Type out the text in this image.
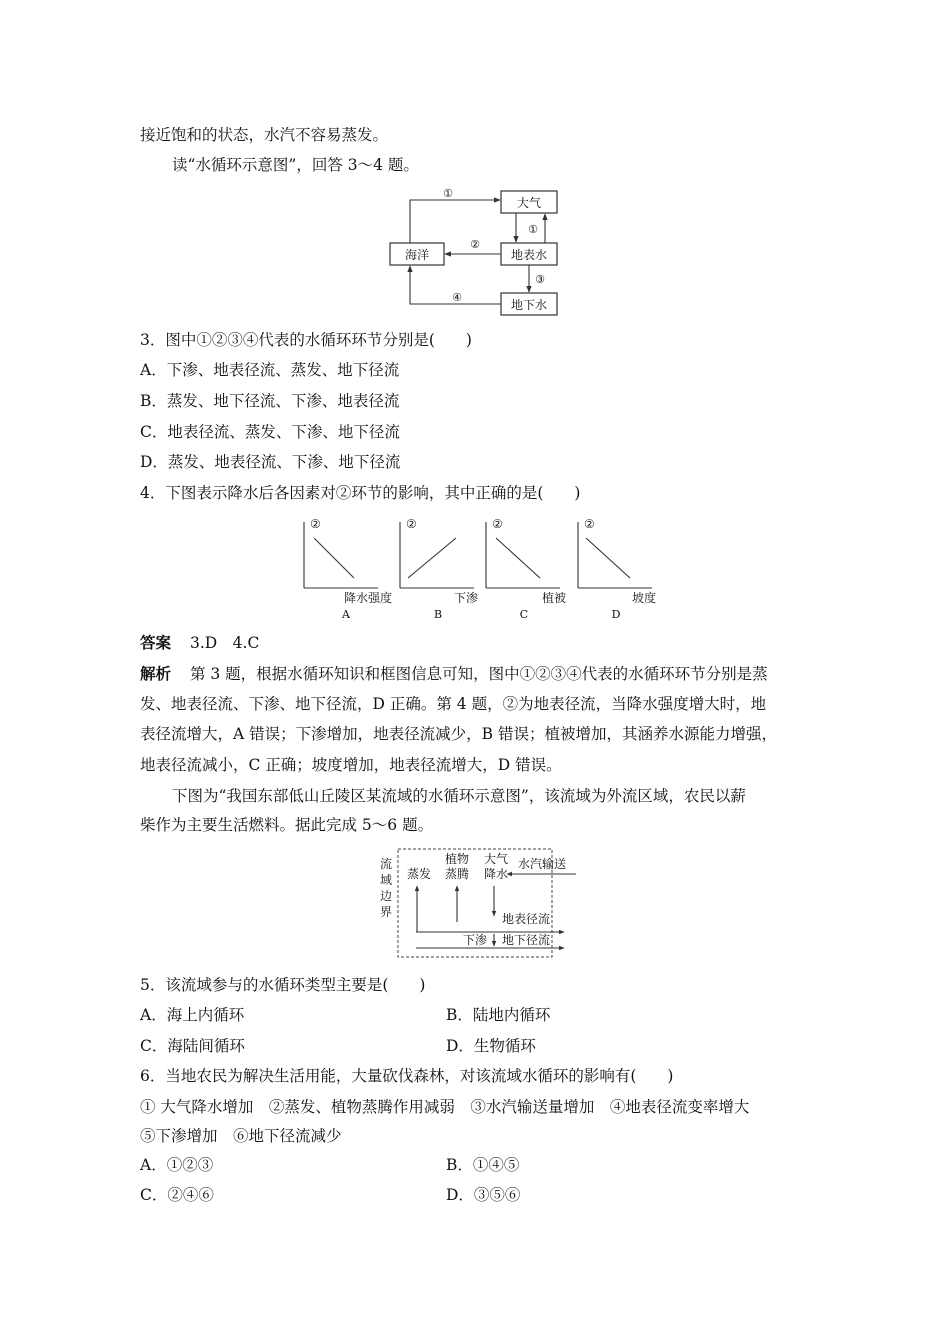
接近饱和的状态，水汽不容易蒸发。
读“水循环示意图”，回答 3～4 题。
大气
海洋	地表水
地下水
①
①
②
③
④
3．图中①②③④代表的水循环环节分别是(　　)
A．下渗、地表径流、蒸发、地下径流
B．蒸发、地下径流、下渗、地表径流
C．地表径流、蒸发、下渗、地下径流
D．蒸发、地表径流、下渗、地下径流
4．下图表示降水后各因素对②环节的影响，其中正确的是(　　)
②
降水强度
A
②
下渗
B
②
植被
C
②
坡度
D
答案 3.D　4.C
解析 第 3 题，根据水循环知识和框图信息可知，图中①②③④代表的水循环环节分别是蒸
发、地表径流、下渗、地下径流，D 正确。第 4 题，②为地表径流，当降水强度增大时，地
表径流增大，A 错误；下渗增加，地表径流减少，B 错误；植被增加，其涵养水源能力增强，
地表径流减小，C 正确；坡度增加，地表径流增大，D 错误。
下图为“我国东部低山丘陵区某流域的水循环示意图”，该流域为外流区域，农民以薪
柴作为主要生活燃料。据此完成 5～6 题。
流
域
边
界
蒸发
植物
蒸腾
大气
降水
水汽输送
地表径流
下渗 地下径流
5．该流域参与的水循环类型主要是(　　)
A．海上内循环	B．陆地内循环
C．海陆间循环	D．生物循环
6．当地农民为解决生活用能，大量砍伐森林，对该流域水循环的影响有(　　)
① 大气降水增加　②蒸发、植物蒸腾作用减弱　③水汽输送量增加　④地表径流变率增大
⑤下渗增加　⑥地下径流减少
A．①②③	B．①④⑤
C．②④⑥	D．③⑤⑥
